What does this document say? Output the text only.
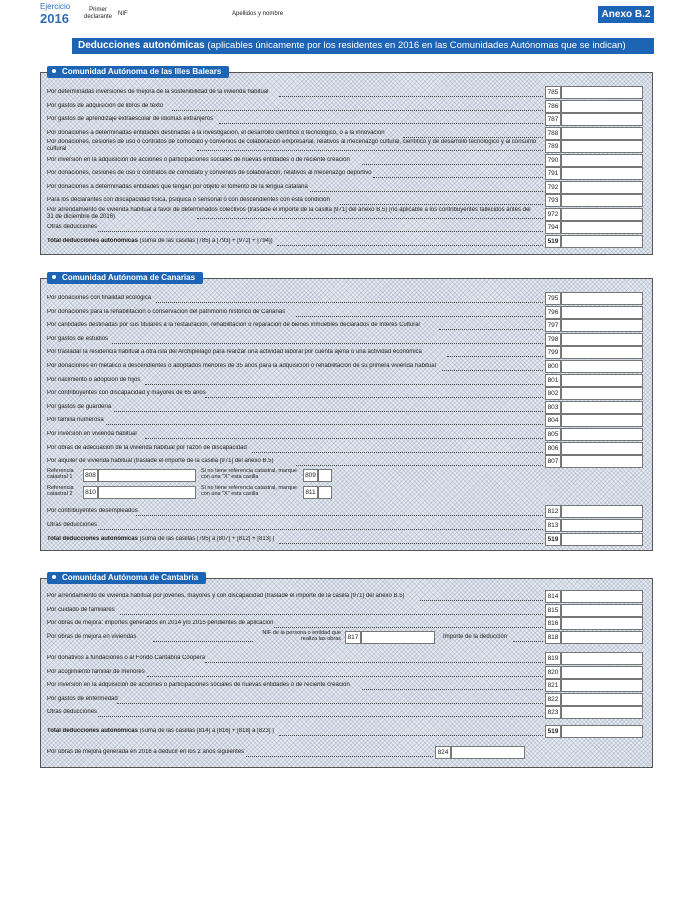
Ejercicio
2016
Primer declarante NIF	Apellidos y nombre	Anexo B.2
Deducciones autonómicas (aplicables únicamente por los residentes en 2016 en las Comunidades Autónomas que se indican)
Comunidad Autónoma de las Illes Balears
Por determinadas inversiones de mejora de la sostenibilidad de la vivienda habitual	785
Por gastos de adquisición de libros de texto	786
Por gastos de aprendizaje extraescolar de idiomas extranjeros	787
Por donaciones a determinadas entidades destinadas a la investigación, el desarrollo científico o tecnológico, o a la innovación	788
Por donaciones, cesiones de uso o contratos de comodato y convenios de colaboración empresarial, relativos al mecenazgo cultural, científico y de desarrollo tecnológico y al consumo cultural	789
Por inversión en la adquisición de acciones o participaciones sociales de nuevas entidades o de reciente creación	790
Por donaciones, cesiones de uso o contratos de comodato y convenios de colaboración, relativos al mecenazgo deportivo	791
Por donaciones a determinadas entidades que tengan por objeto el fomento de la lengua catalana	792
Para los declarantes con discapacidad física, psíquica o sensorial o con descendientes con esta condición	793
Por arrendamiento de vivienda habitual a favor de determinados colectivos (traslade el importe de la casilla [971] del anexo B.5) (no aplicable a los contribuyentes fallecidos antes del 31 de diciembre de 2016)	972
Otras deducciones	794
Total deducciones autonómicas (suma de las casillas [785] a [793] + [972] + [794])	519
Comunidad Autónoma de Canarias
Por donaciones con finalidad ecológica	795
Por donaciones para la rehabilitación o conservación del patrimonio histórico de Canarias	796
Por cantidades destinadas por sus titulares a la restauración, rehabilitación o reparación de bienes inmuebles declarados de Interés Cultural	797
Por gastos de estudios	798
Por trasladar la residencia habitual a otra isla del Archipiélago para realizar una actividad laboral por cuenta ajena o una actividad económica	799
Por donaciones en metálico a descendientes o adoptados menores de 35 años para la adquisición o rehabilitación de su primera vivienda habitual	800
Por nacimiento o adopción de hijos	801
Por contribuyentes con discapacidad y mayores de 65 años	802
Por gastos de guardería	803
Por familia numerosa	804
Por inversión en vivienda habitual	805
Por obras de adecuación de la vivienda habitual por razón de discapacidad	806
Por alquiler de vivienda habitual (traslade el importe de la casilla [971] del anexo B.5)	807
Referencia catastral 1	808
Si no tiene referencia catastral, marque con una "X" esta casilla	809
Referencia catastral 2	810
Si no tiene referencia catastral, marque con una "X" esta casilla	811
Por contribuyentes desempleados	812
Otras deducciones	813
Total deducciones autonómicas (suma de las casillas [795] a [807] + [812] + [813] )	519
Comunidad Autónoma de Cantabria
Por arrendamiento de vivienda habitual por jóvenes, mayores y con discapacidad (traslade el importe de la casilla [971] del anexo B.5)	814
Por cuidado de familiares	815
Por obras de mejora: importes generados en 2014 y/o 2015 pendientes de aplicación	816
Por obras de mejora en viviendas
NIF de la persona o entidad que realiza las obras	817	Importe de la deducción	818
Por donativos a fundaciones o al Fondo Cantabria Coopera	819
Por acogimiento familiar de menores	820
Por inversión en la adquisición de acciones o participaciones sociales de nuevas entidades o de reciente creación	821
Por gastos de enfermedad	822
Otras deducciones	823
Total deducciones autonómicas (suma de las casillas [814] a [816] + [818] a [823] )	519
Por obras de mejora generada en 2016 a deducir en los 2 años siguientes	824
